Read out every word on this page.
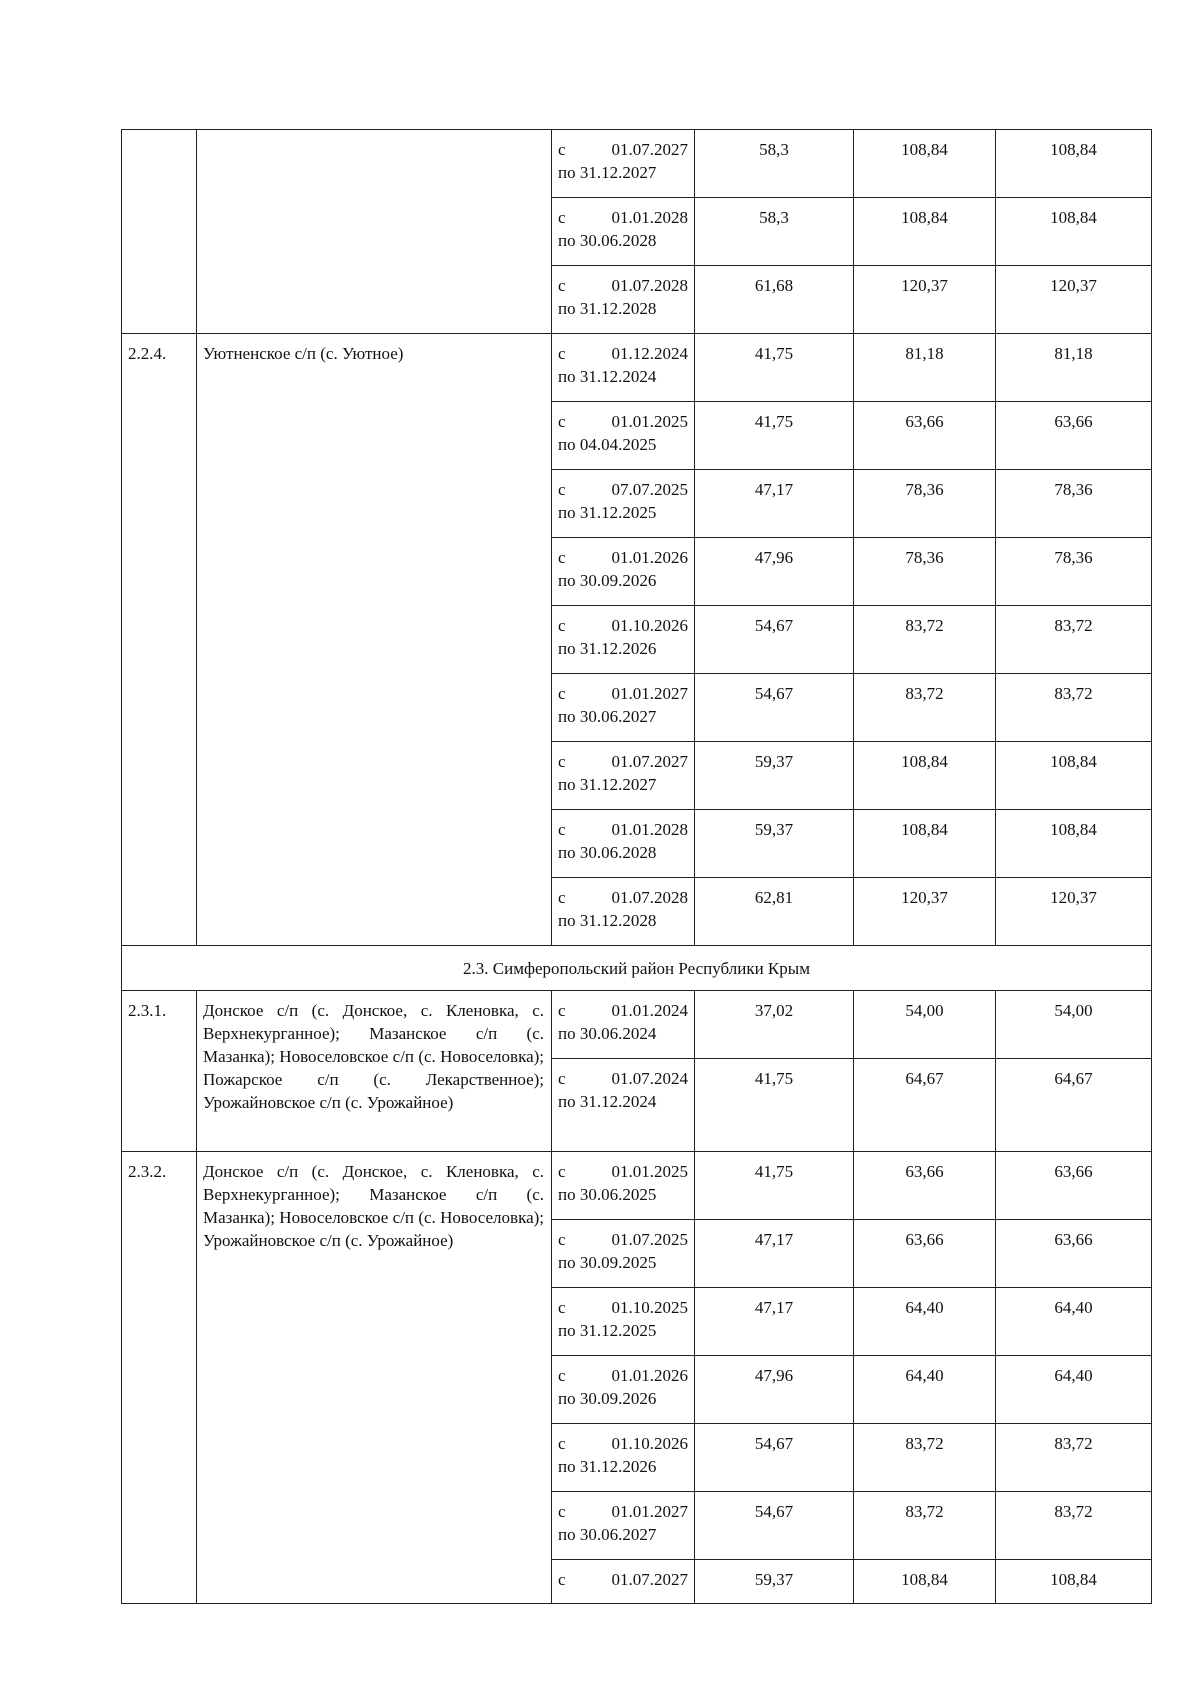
		с 01.07.2027
по 31.12.2027	58,3	108,84	108,84

		с 01.01.2028
по 30.06.2028	58,3	108,84	108,84

		с 01.07.2028
по 31.12.2028	61,68	120,37	120,37
2.2.4.	Уютненское с/п (с. Уютное)	с 01.12.2024
по 31.12.2024	41,75	81,18	81,18

		с 01.01.2025
по 04.04.2025	41,75	63,66	63,66

		с 07.07.2025
по 31.12.2025	47,17	78,36	78,36

		с 01.01.2026
по 30.09.2026	47,96	78,36	78,36

		с 01.10.2026
по 31.12.2026	54,67	83,72	83,72

		с 01.01.2027
по 30.06.2027	54,67	83,72	83,72

		с 01.07.2027
по 31.12.2027	59,37	108,84	108,84

		с 01.01.2028
по 30.06.2028	59,37	108,84	108,84

		с 01.07.2028
по 31.12.2028	62,81	120,37	120,37
2.3. Симферопольский район Республики Крым					
2.3.1.	Донское с/п (с. Донское, с. Кленовка, с. Верхнекурганное); Мазанское с/п (с. Мазанка); Новоселовское с/п (с. Новоселовка); Пожарское с/п (с. Лекарственное); Урожайновское с/п (с. Урожайное)	с 01.01.2024
по 30.06.2024	37,02	54,00	54,00

		с 01.07.2024
по 31.12.2024	41,75	64,67	64,67
2.3.2.	Донское с/п (с. Донское, с. Кленовка, с. Верхнекурганное); Мазанское с/п (с. Мазанка); Новоселовское с/п (с. Новоселовка); Урожайновское с/п (с. Урожайное)	с 01.01.2025
по 30.06.2025	41,75	63,66	63,66

		с 01.07.2025
по 30.09.2025	47,17	63,66	63,66

		с 01.10.2025
по 31.12.2025	47,17	64,40	64,40

		с 01.01.2026
по 30.09.2026	47,96	64,40	64,40

		с 01.10.2026
по 31.12.2026	54,67	83,72	83,72

		с 01.01.2027
по 30.06.2027	54,67	83,72	83,72

		с 01.07.2027	59,37	108,84	108,84
